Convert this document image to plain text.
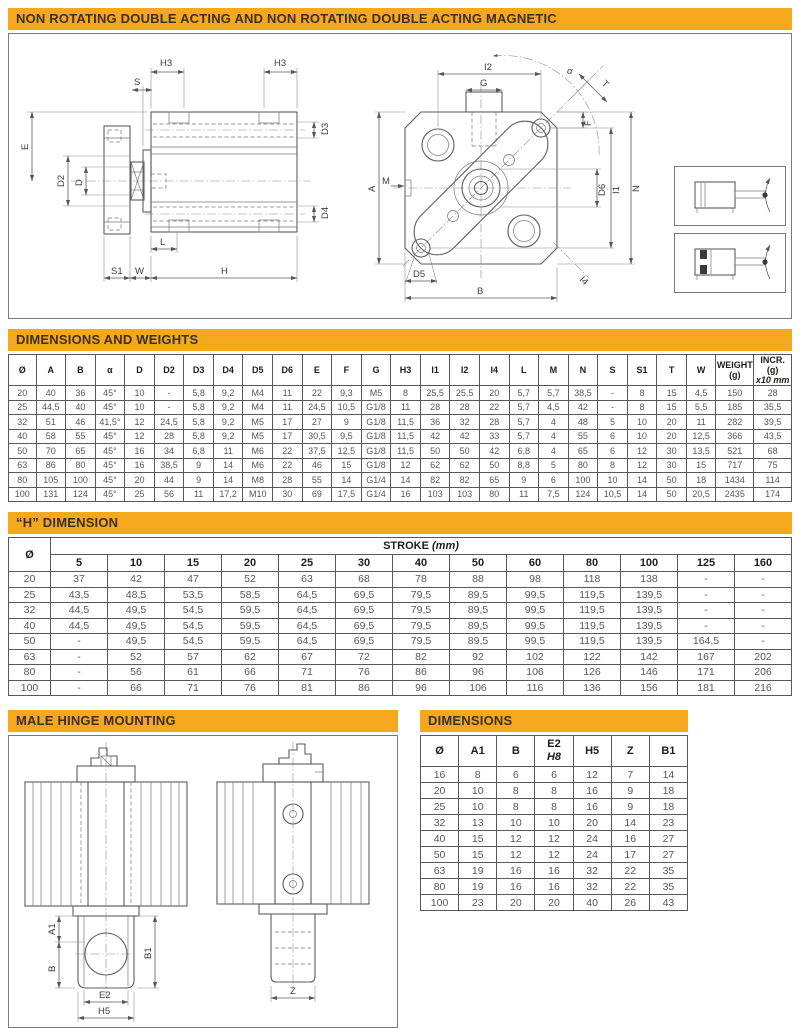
NON ROTATING DOUBLE ACTING AND NON ROTATING DOUBLE ACTING MAGNETIC
H3	H3
S
E
D2 D
D3
D4
L
S1 W	H
I2
G
α
T
F
D6 I1 N
A
M
D5
B
I4
DIMENSIONS AND WEIGHTS
Ø	A	B	α	D	D2	D3	D4	D5	D6	E	F	G	H3	I1	I2	I4	L	M	N	S	S1	T	W	WEIGHT
(g)	INCR. (g)
x10 mm
20	40	36	45°	10	-	5,8	9,2	M4	11	22	9,3	M5	8	25,5	25,5	20	5,7	5,7	38,5	-	8	15	4,5	150	28
25	44,5	40	45°	10	-	5,8	9,2	M4	11	24,5	10,5	G1/8	11	28	28	22	5,7	4,5	42	-	8	15	5,5	185	35,5
32	51	46	41,5°	12	24,5	5,8	9,2	M5	17	27	9	G1/8	11,5	36	32	28	5,7	4	48	5	10	20	11	282	39,5
40	58	55	45°	12	28	5,8	9,2	M5	17	30,5	9,5	G1/8	11,5	42	42	33	5,7	4	55	6	10	20	12,5	366	43,5
50	70	65	45°	16	34	6,8	11	M6	22	37,5	12,5	G1/8	11,5	50	50	42	6,8	4	65	6	12	30	13,5	521	68
63	86	80	45°	16	38,5	9	14	M6	22	46	15	G1/8	12	62	62	50	8,8	5	80	8	12	30	15	717	75
80	105	100	45°	20	44	9	14	M8	28	55	14	G1/4	14	82	82	65	9	6	100	10	14	50	18	1434	114
100	131	124	45°	25	56	11	17,2	M10	30	69	17,5	G1/4	16	103	103	80	11	7,5	124	10,5	14	50	20,5	2435	174
“H” DIMENSION
Ø	STROKE (mm)												
	5	10	15	20	25	30	40	50	60	80	100	125	160
20	37	42	47	52	63	68	78	88	98	118	138	-	-
25	43,5	48,5	53,5	58,5	64,5	69,5	79,5	89,5	99,5	119,5	139,5	-	-
32	44,5	49,5	54,5	59,5	64,5	69,5	79,5	89,5	99,5	119,5	139,5	-	-
40	44,5	49,5	54,5	59,5	64,5	69,5	79,5	89,5	99,5	119,5	139,5	-	-
50	-	49,5	54,5	59,5	64,5	69,5	79,5	89,5	99,5	119,5	139,5	164,5	-
63	-	52	57	62	67	72	82	92	102	122	142	167	202
80	-	56	61	66	71	76	86	96	106	126	146	171	206
100	-	66	71	76	81	86	96	106	116	136	156	181	216
MALE HINGE MOUNTING
A1
B
B1
E2
H5
Z
DIMENSIONS
Ø	A1	B	E2
H8	H5	Z	B1
16	8	6	6	12	7	14
20	10	8	8	16	9	18
25	10	8	8	16	9	18
32	13	10	10	20	14	23
40	15	12	12	24	16	27
50	15	12	12	24	17	27
63	19	16	16	32	22	35
80	19	16	16	32	22	35
100	23	20	20	40	26	43
